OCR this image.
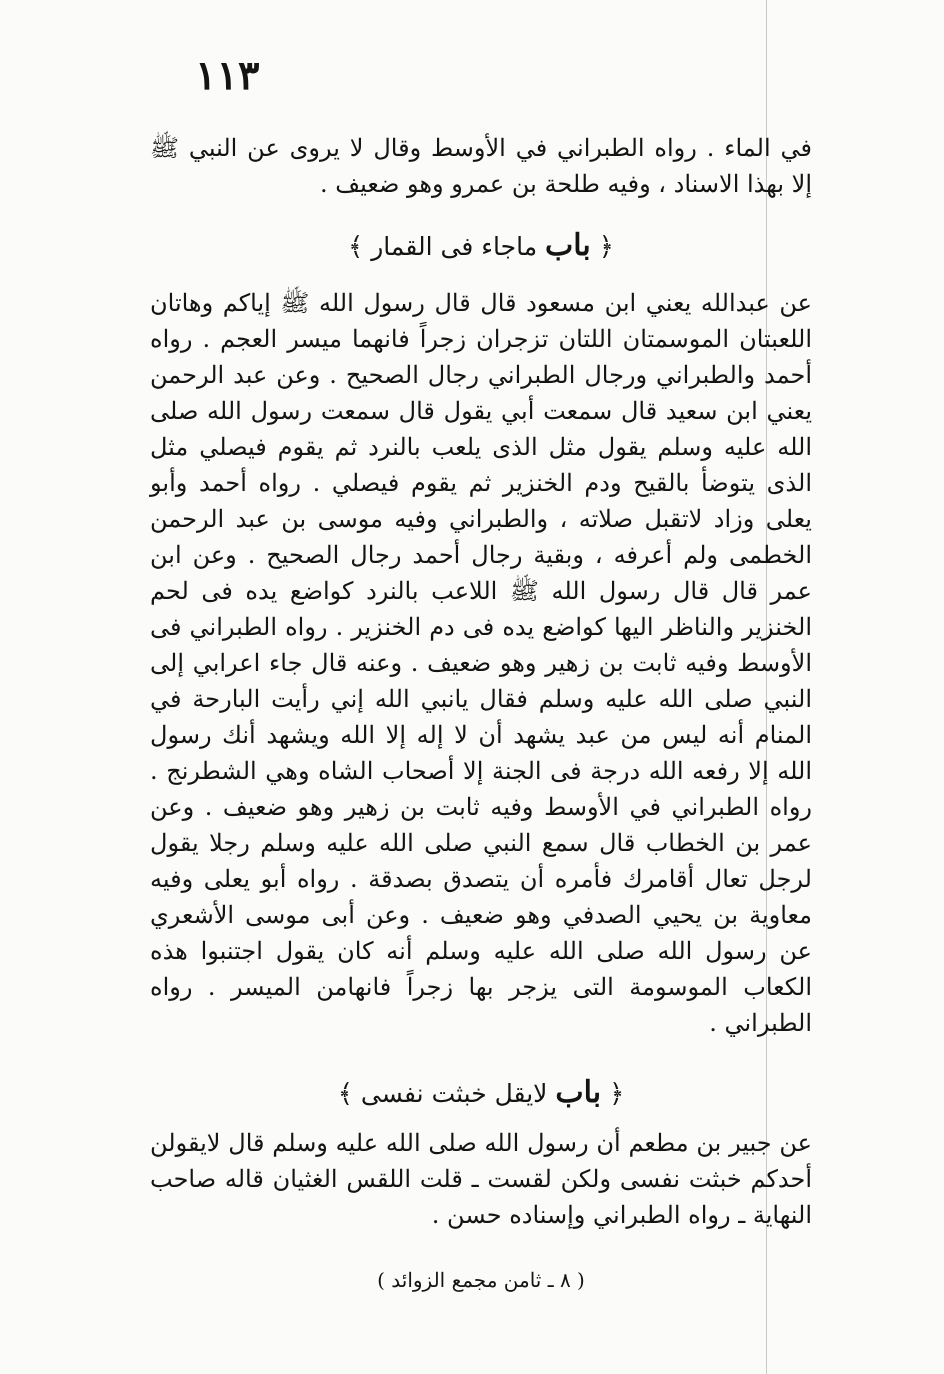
١١٣
في الماء . رواه الطبراني في الأوسط وقال لا يروى عن النبي ﷺ إلا بهذا الاسناد ، وفيه طلحة بن عمرو وهو ضعيف .
﴿ باب ماجاء فى القمار ﴾
عن عبدالله يعني ابن مسعود قال قال رسول الله ﷺ إياكم وهاتان اللعبتان الموسمتان اللتان تزجران زجراً فانهما ميسر العجم . رواه أحمد والطبراني ورجال الطبراني رجال الصحيح . وعن عبد الرحمن يعني ابن سعيد قال سمعت أبي يقول قال سمعت رسول الله صلى الله عليه وسلم يقول مثل الذى يلعب بالنرد ثم يقوم فيصلي مثل الذى يتوضأ بالقيح ودم الخنزير ثم يقوم فيصلي . رواه أحمد وأبو يعلى وزاد لاتقبل صلاته ، والطبراني وفيه موسى بن عبد الرحمن الخطمى ولم أعرفه ، وبقية رجال أحمد رجال الصحيح . وعن ابن عمر قال قال رسول الله ﷺ اللاعب بالنرد كواضع يده فى لحم الخنزير والناظر اليها كواضع يده فى دم الخنزير . رواه الطبراني فى الأوسط وفيه ثابت بن زهير وهو ضعيف . وعنه قال جاء اعرابي إلى النبي صلى الله عليه وسلم فقال يانبي الله إني رأيت البارحة في المنام أنه ليس من عبد يشهد أن لا إله إلا الله ويشهد أنك رسول الله إلا رفعه الله درجة فى الجنة إلا أصحاب الشاه وهي الشطرنج . رواه الطبراني في الأوسط وفيه ثابت بن زهير وهو ضعيف . وعن عمر بن الخطاب قال سمع النبي صلى الله عليه وسلم رجلا يقول لرجل تعال أقامرك فأمره أن يتصدق بصدقة . رواه أبو يعلى وفيه معاوية بن يحيي الصدفي وهو ضعيف . وعن أبى موسى الأشعري عن رسول الله صلى الله عليه وسلم أنه كان يقول اجتنبوا هذه الكعاب الموسومة التى يزجر بها زجراً فانهامن الميسر . رواه الطبراني .
﴿ باب لايقل خبثت نفسى ﴾
عن جبير بن مطعم أن رسول الله صلى الله عليه وسلم قال لايقولن أحدكم خبثت نفسى ولكن لقست ـ قلت اللقس الغثيان قاله صاحب النهاية ـ رواه الطبراني وإسناده حسن .
( ٨ ـ ثامن مجمع الزوائد )
